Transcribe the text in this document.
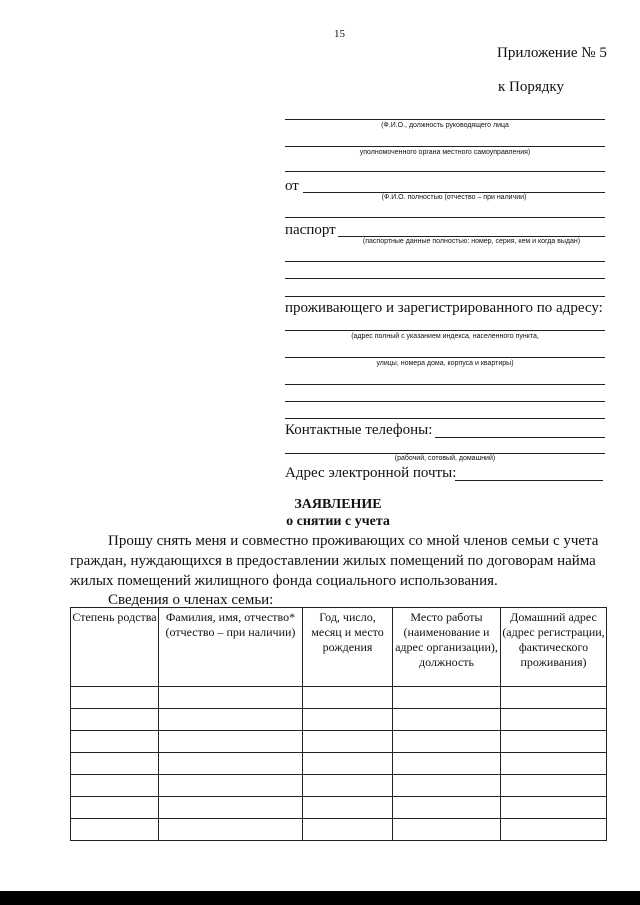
15
Приложение № 5
к Порядку
(Ф.И.О., должность руководящего лица
уполномоченного органа местного самоуправления)
от
(Ф.И.О. полностью (отчество – при наличии)
паспорт
(паспортные данные полностью: номер, серия, кем и когда выдан)
проживающего и зарегистрированного по адресу:
(адрес полный с указанием индекса, населенного пункта,
улицы, номера дома, корпуса и квартиры)
Контактные телефоны:
(рабочий, сотовый, домашний)
Адрес электронной почты:
ЗАЯВЛЕНИЕ
о снятии с учета
Прошу снять меня и совместно проживающих со мной членов семьи с учета
граждан, нуждающихся в предоставлении жилых помещений по договорам найма
жилых помещений жилищного фонда социального использования.
Сведения о членах семьи:
Степень родства	Фамилия, имя, отчество* (отчество – при наличии)	Год, число, месяц и место рождения	Место работы (наименование и адрес организации), должность	Домашний адрес (адрес регистрации, фактического проживания)
